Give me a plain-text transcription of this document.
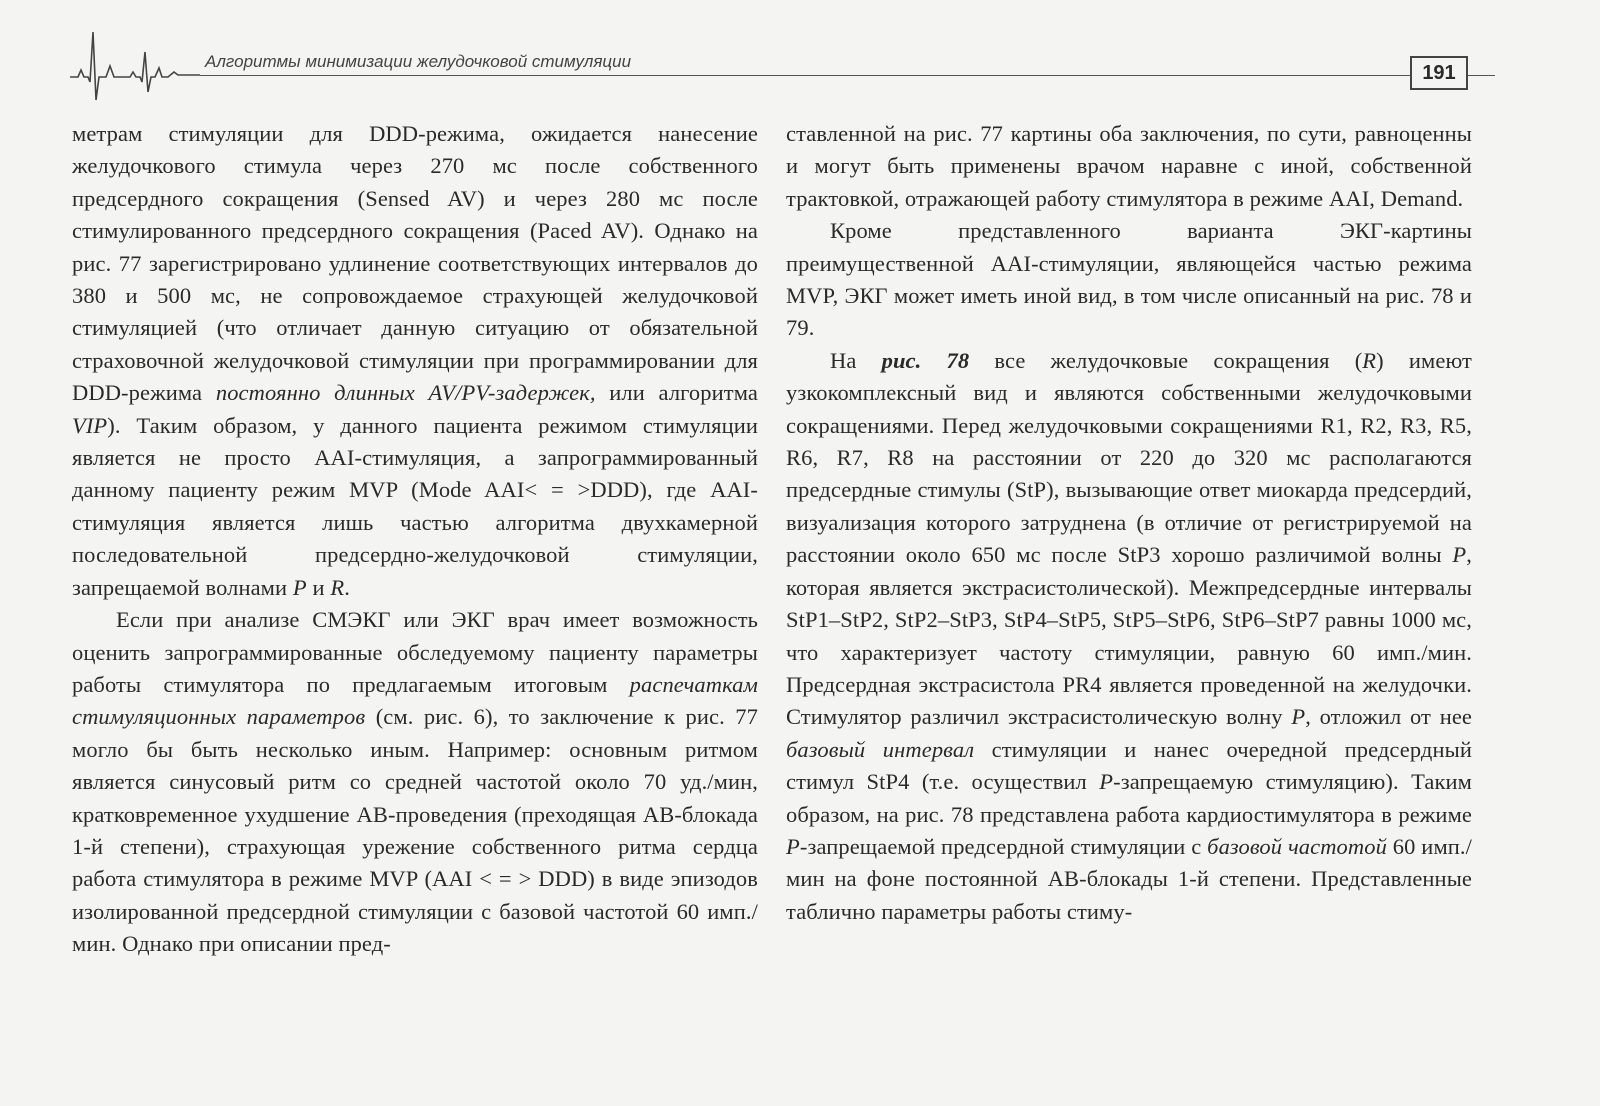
Алгоритмы минимизации желудочковой стимуляции
191

метрам стимуляции для DDD-режима, ожидается нанесение желудочкового стимула через 270 мс после собственного предсердного сокращения (Sensed AV) и через 280 мс после стимулированного предсердного сокращения (Paced AV). Однако на рис. 77 зарегистрировано удлинение соответствующих интервалов до 380 и 500 мс, не сопровождаемое страхующей желудочковой стимуляцией (что отличает данную ситуацию от обязательной страховочной желудочковой стимуляции при программировании для DDD-режима постоянно длинных AV/PV-задержек, или алгоритма VIP). Таким образом, у данного пациента режимом стимуляции является не просто AAI-стимуляция, а запрограммированный данному пациенту режим MVP (Mode AAI< = >DDD), где AAI-стимуляция является лишь частью алгоритма двухкамерной последовательной предсердно-желудочковой стимуляции, запрещаемой волнами P и R.

Если при анализе СМЭКГ или ЭКГ врач имеет возможность оценить запрограммированные обследуемому пациенту параметры работы стимулятора по предлагаемым итоговым распечаткам стимуляционных параметров (см. рис. 6), то заключение к рис. 77 могло бы быть несколько иным. Например: основным ритмом является синусовый ритм со средней частотой около 70 уд./мин, кратковременное ухудшение АВ-проведения (преходящая АВ-блокада 1-й степени), страхующая урежение собственного ритма сердца работа стимулятора в режиме MVP (AAI < = > DDD) в виде эпизодов изолированной предсердной стимуляции с базовой частотой 60 имп./мин. Однако при описании пред-

ставленной на рис. 77 картины оба заключения, по сути, равноценны и могут быть применены врачом наравне с иной, собственной трактовкой, отражающей работу стимулятора в режиме AAI, Demand.

Кроме представленного варианта ЭКГ-картины преимущественной AAI-стимуляции, являющейся частью режима MVP, ЭКГ может иметь иной вид, в том числе описанный на рис. 78 и 79.

На рис. 78 все желудочковые сокращения (R) имеют узкокомплексный вид и являются собственными желудочковыми сокращениями. Перед желудочковыми сокращениями R1, R2, R3, R5, R6, R7, R8 на расстоянии от 220 до 320 мс располагаются предсердные стимулы (StP), вызывающие ответ миокарда предсердий, визуализация которого затруднена (в отличие от регистрируемой на расстоянии около 650 мс после StP3 хорошо различимой волны P, которая является экстрасистолической). Межпредсердные интервалы StP1–StP2, StP2–StP3, StP4–StP5, StP5–StP6, StP6–StP7 равны 1000 мс, что характеризует частоту стимуляции, равную 60 имп./мин. Предсердная экстрасистола PR4 является проведенной на желудочки. Стимулятор различил экстрасистолическую волну P, отложил от нее базовый интервал стимуляции и нанес очередной предсердный стимул StP4 (т.е. осуществил P-запрещаемую стимуляцию). Таким образом, на рис. 78 представлена работа кардиостимулятора в режиме P-запрещаемой предсердной стимуляции с базовой частотой 60 имп./мин на фоне постоянной АВ-блокады 1-й степени. Представленные таблично параметры работы стиму-
